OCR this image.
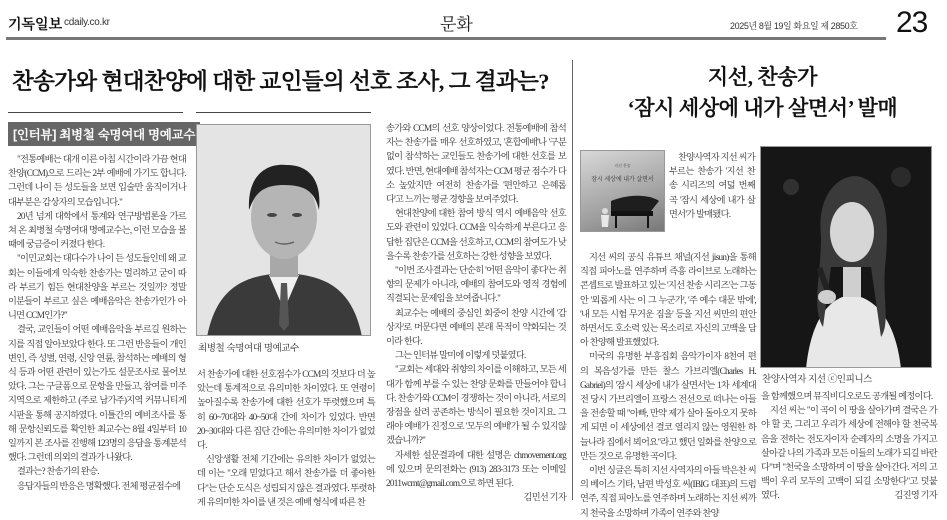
기독일보 cdaily.co.kr	문화	2025년 8월 19일 화요일 제 2850호 23
찬송가와 현대찬양에 대한 교인들의 선호 조사, 그 결과는?
[인터뷰] 최병철 숙명여대 명예교수

"전통예배는 대개 이른 아침 시간이라 가끔 현대찬양(CCM)으로 드리는 2부 예배에 가기도 합니다. 그런데 나이 든 성도들을 보면 입술만 움직이거나 대부분은 감상자의 모습입니다."

20년 넘게 대학에서 통계와 연구방법론을 가르쳐 온 최병철 숙명여대 명예교수는, 이런 모습을 볼 때에 궁금증이 커졌다 한다.

"이민교회는 대다수가 나이 든 성도들인데 왜 교회는 이들에게 익숙한 찬송가는 멀리하고 굳이 따라 부르기 힘든 현대찬양을 부르는 것일까? 정말 이분들이 부르고 싶은 예배음악은 찬송가인가 아니면 CCM인가?"

결국, 교인들이 어떤 예배음악을 부르길 원하는지를 직접 알아보았다 한다. 또 그런 반응들이 개인 변인, 즉 성별, 연령, 신앙 연륜, 참석하는 예배의 형식 등과 어떤 관련이 있는가도 설문조사로 물어보았다. 그는 구글폼으로 문항을 만들고, 참여를 미주 지역으로 제한하고 (주로 남가주)지역 커뮤니티게시판을 통해 공지하였다. 이틀간의 예비조사를 통해 문항신뢰도를 확인한 최교수는 8월 4일부터 10일까지 본 조사를 진행해 123명의 응답을 통계분석 했다. 그런데 의외의 결과가 나왔다.

결과는? 찬송가의 완승.

응답자들의 반응은 명확했다. 전체 평균점수에

최병철 숙명여대 명예교수

서 찬송가에 대한 선호점수가 CCM의 것보다 더 높았는데 통계적으로 유의미한 차이였다. 또 연령이 높아질수록 찬송가에 대한 선호가 뚜렷했으며 특히 60~70대와 40~50대 간에 차이가 있었다. 반면 20~30대와 다른 집단 간에는 유의미한 차이가 없었다.

신앙생활 전체 기간에는 유의한 차이가 없었는데 이는 "오래 믿었다고 해서 찬송가를 더 좋아한다"는 단순 도식은 성립되지 않은 결과였다. 뚜렷하게 유의미한 차이를 낸 것은 예배 형식에 따른 찬

송가와 CCM의 선호 양상이었다. 전통예배에 참석자는 찬송가를 매우 선호하였고, '혼합예배'나 '구분 없이 참석'하는 교인들도 찬송가에 대한 선호를 보였다. 반면, 현대예배 참석자는 CCM 평균 점수가 다소 높았지만 여전히 찬송가를 '편안하고 은혜롭다'고 느끼는 평균 경향을 보여주었다.

현대찬양에 대한 참여 방식 역시 예배음악 선호도와 관련이 있었다. CCM을 익숙하게 부른다고 응답한 집단은 CCM을 선호하고, CCM의 참여도가 낮을수록 찬송가를 선호하는 강한 성향을 보였다.

"이번 조사결과는 단순히 '어떤 음악이 좋다'는 취향의 문제가 아니라, 예배의 참여도와 영적 경험에 직결되는 문제임을 보여줍니다."

최교수는 예배의 중심인 회중이 찬양 시간에 '감상자'로 머문다면 예배의 본래 목적이 약화되는 것이라 한다.

그는 인터뷰 말미에 이렇게 덧붙였다.

"교회는 세대와 취향의 차이를 이해하고, 모든 세대가 함께 부를 수 있는 찬양 문화를 만들어야 합니다. 찬송가와 CCM이 경쟁하는 것이 아니라, 서로의 장점을 살려 공존하는 방식이 필요한 것이지요. 그래야 예배가 진정으로 '모두의 예배'가 될 수 있지않겠습니까?"

자세한 설문결과에 대한 설명은 chmovement.org에 있으며 문의전화는 (913) 283-3173 또는 이메일 2011wcmt@gmail.com으로 하면 된다.

김민선 기자

지선, 찬송가
‘잠시 세상에 내가 살면서’ 발매
지선 찬송
잠시 세상에 내가 살면서

찬양사역자 지선 씨가 부르는 찬송가 '지선 찬송 시리즈'의 여덟 번째 곡 '잠시 세상에 내가 살면서'가 발매됐다.

지선 씨의 공식 유튜브 채널(지선 jisun)을 통해 직접 피아노를 연주하며 즉흥 라이브로 노래하는 콘셉트로 발표하고 있는 '지선 찬송 시리즈'는 그동안 '외롭게 사는 이 그 누군가', '주 예수 대문 밖에', '내 모든 시험 무거운 짐을' 등을 지선 씨만의 편안하면서도 호소력 있는 목소리로 자신의 고백을 담아 찬양해 발표했었다.

미국의 유명한 부흥집회 음악가이자 8천여 편의 복음성가를 만든 찰스 가브리엘(Charles H. Gabriel)의 '잠시 세상에 내가 살면서'는 1차 세계대전 당시 가브리엘이 프랑스 전선으로 떠나는 아들을 전송할 때 "아빠, 만약 제가 살아 돌아오지 못하게 되면 이 세상에선 결코 열리지 않는 영원한 하늘나라 집에서 뵈어요"라고 했던 일화를 찬양으로 만든 것으로 유명한 곡이다.

이번 싱글은 특히 지선 사역자의 아들 박은찬 씨의 베이스 기타, 남편 박성호 씨(IBIG 대표)의 드럼 연주, 직접 피아노를 연주하며 노래하는 지선 씨까지 천국을 소망하며 가족이 연주와 찬양

찬양사역자 지선 ⓒ인피니스

을 함께했으며 뮤직비디오로도 공개될 예정이다.

지선 씨는 "이 곡이 이 땅을 살아가며 결국은 가야 할 곳, 그리고 우리가 세상에 전해야 할 천국복음을 전하는 전도자이자 순례자의 소명을 가지고 살아갈 나의 가족과 모든 이들의 노래가 되길 바란다"며 "천국을 소망하며 이 땅을 살아간다. 저의 고백이 우리 모두의 고백이 되길 소망한다"고 덧붙였다.	김진영 기자
